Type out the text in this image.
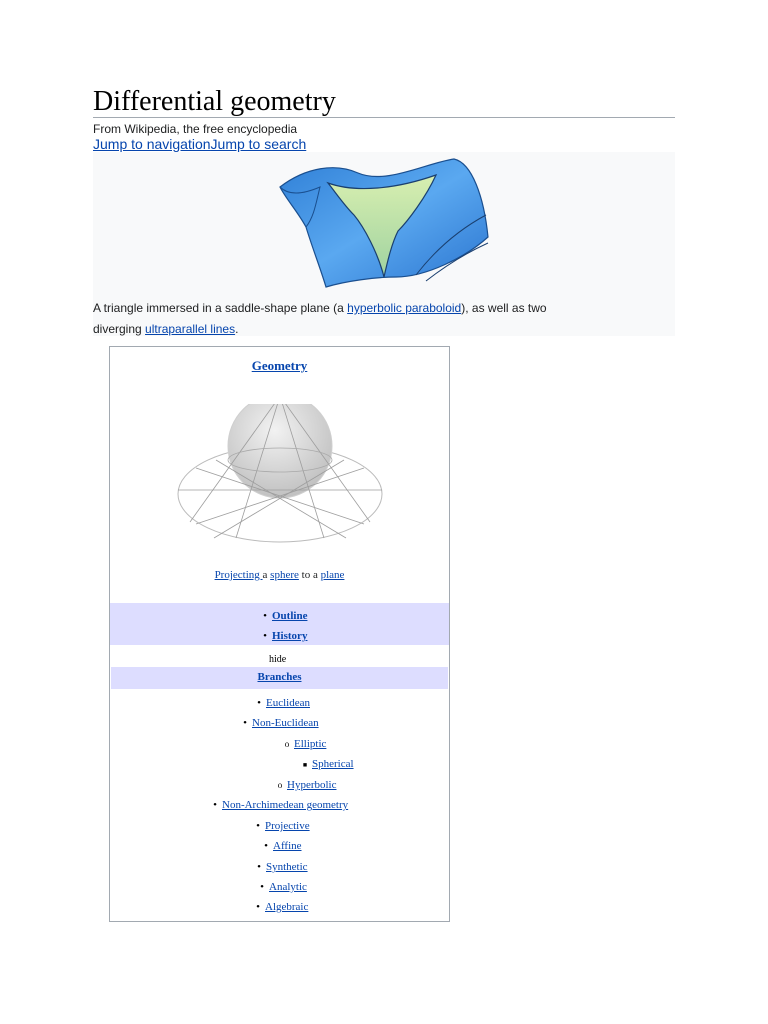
Differential geometry
From Wikipedia, the free encyclopedia
Jump to navigationJump to search
A triangle immersed in a saddle-shape plane (a hyperbolic paraboloid), as well as two diverging ultraparallel lines.
Geometry
Projecting a sphere to a plane
• Outline
• History
hide
Branches
• Euclidean
• Non-Euclidean
o Elliptic
■ Spherical
o Hyperbolic
• Non-Archimedean geometry
• Projective
• Affine
• Synthetic
• Analytic
• Algebraic
